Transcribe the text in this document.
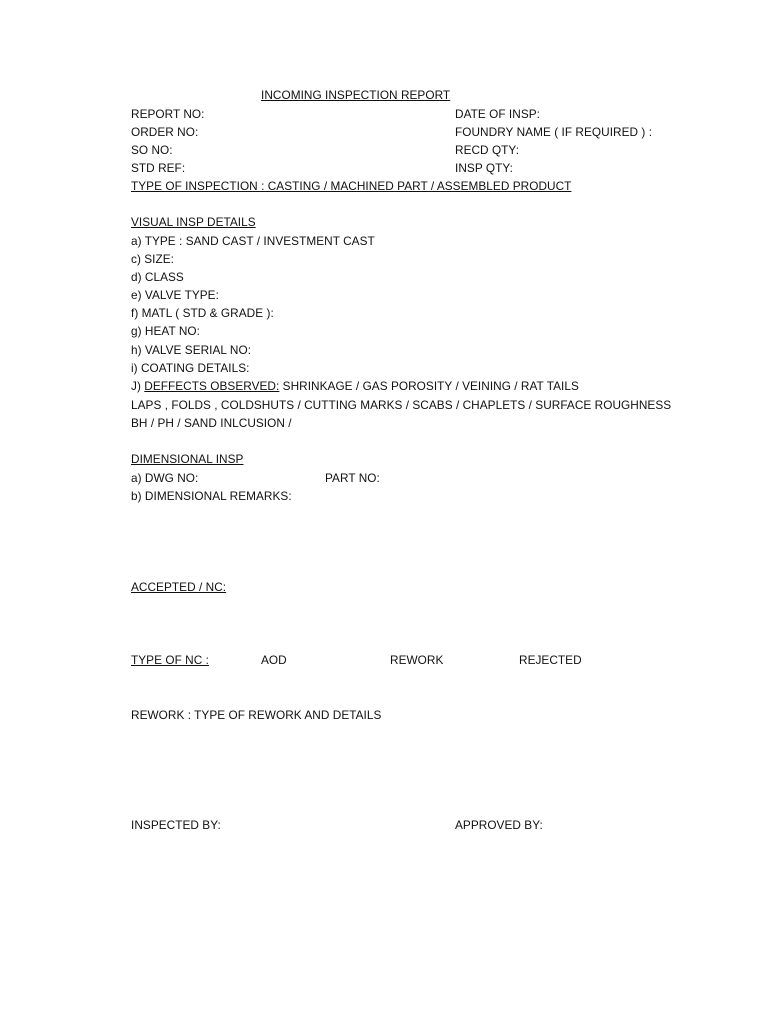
INCOMING INSPECTION REPORT
REPORT NO:	DATE OF INSP:
ORDER NO:	FOUNDRY NAME ( IF REQUIRED ) :
SO NO:	RECD QTY:
STD REF:	INSP QTY:
TYPE OF INSPECTION : CASTING / MACHINED PART / ASSEMBLED PRODUCT
VISUAL INSP DETAILS
a) TYPE : SAND CAST / INVESTMENT CAST
c) SIZE:
d) CLASS
e) VALVE TYPE:
f) MATL ( STD & GRADE ):
g) HEAT NO:
h) VALVE SERIAL NO:
i) COATING DETAILS:
J) DEFFECTS OBSERVED: SHRINKAGE / GAS POROSITY / VEINING / RAT TAILS
LAPS , FOLDS , COLDSHUTS / CUTTING MARKS / SCABS / CHAPLETS / SURFACE ROUGHNESS
BH / PH / SAND INLCUSION /
DIMENSIONAL INSP
a) DWG NO:	PART NO:
b) DIMENSIONAL REMARKS:
ACCEPTED / NC:
TYPE OF NC :	AOD	REWORK	REJECTED
REWORK : TYPE OF REWORK AND DETAILS
INSPECTED BY:	APPROVED BY:
